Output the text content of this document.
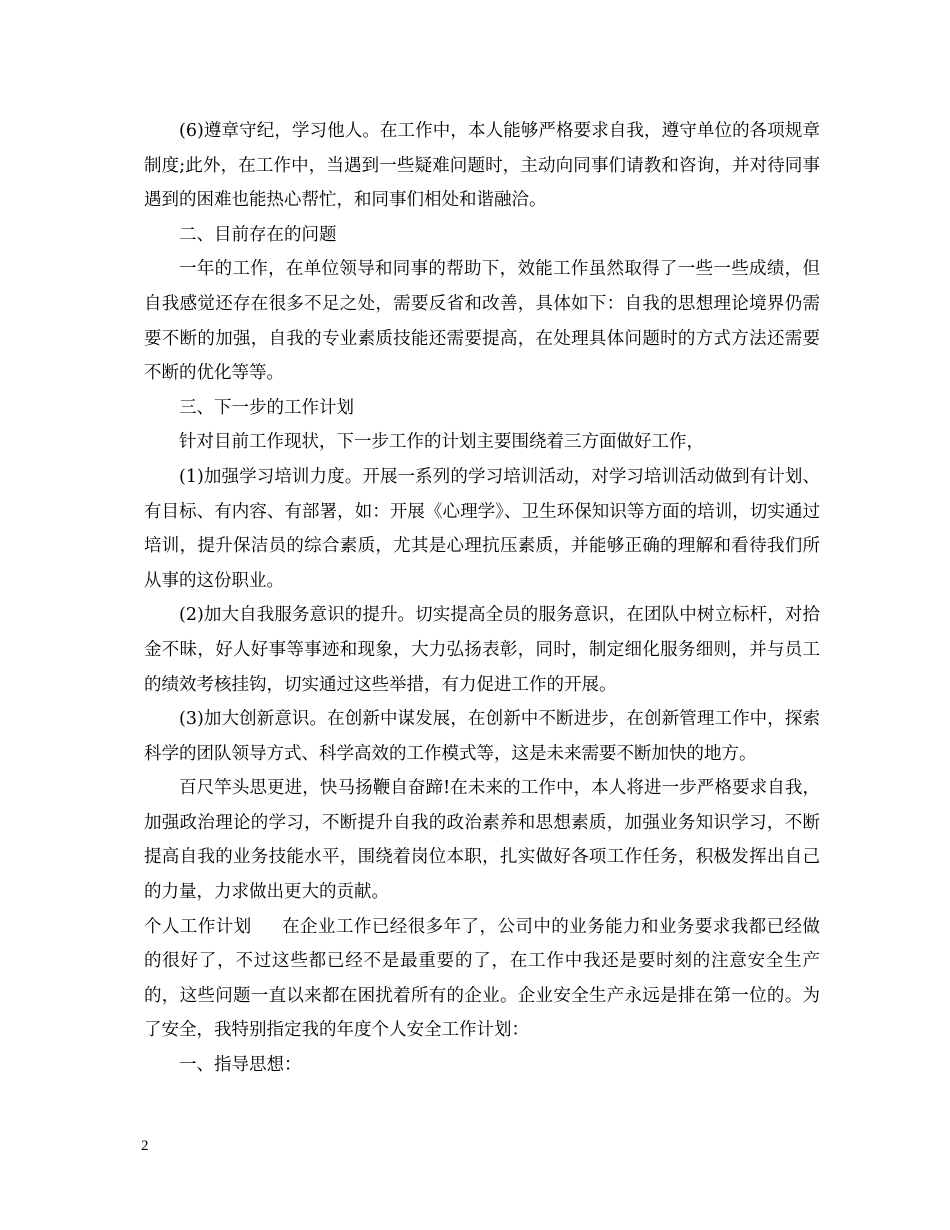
(6)遵章守纪，学习他人。在工作中，本人能够严格要求自我，遵守单位的各项规章制度;此外，在工作中，当遇到一些疑难问题时，主动向同事们请教和咨询，并对待同事遇到的困难也能热心帮忙，和同事们相处和谐融洽。

二、目前存在的问题

一年的工作，在单位领导和同事的帮助下，效能工作虽然取得了一些一些成绩，但自我感觉还存在很多不足之处，需要反省和改善，具体如下：自我的思想理论境界仍需要不断的加强，自我的专业素质技能还需要提高，在处理具体问题时的方式方法还需要不断的优化等等。

三、下一步的工作计划

针对目前工作现状，下一步工作的计划主要围绕着三方面做好工作，

(1)加强学习培训力度。开展一系列的学习培训活动，对学习培训活动做到有计划、有目标、有内容、有部署，如：开展《心理学》、卫生环保知识等方面的培训，切实通过培训，提升保洁员的综合素质，尤其是心理抗压素质，并能够正确的理解和看待我们所从事的这份职业。

(2)加大自我服务意识的提升。切实提高全员的服务意识，在团队中树立标杆，对拾金不昧，好人好事等事迹和现象，大力弘扬表彰，同时，制定细化服务细则，并与员工的绩效考核挂钩，切实通过这些举措，有力促进工作的开展。

(3)加大创新意识。在创新中谋发展，在创新中不断进步，在创新管理工作中，探索科学的团队领导方式、科学高效的工作模式等，这是未来需要不断加快的地方。

百尺竿头思更进，快马扬鞭自奋蹄!在未来的工作中，本人将进一步严格要求自我，加强政治理论的学习，不断提升自我的政治素养和思想素质，加强业务知识学习，不断提高自我的业务技能水平，围绕着岗位本职，扎实做好各项工作任务，积极发挥出自己的力量，力求做出更大的贡献。

个人工作计划 在企业工作已经很多年了，公司中的业务能力和业务要求我都已经做的很好了，不过这些都已经不是最重要的了，在工作中我还是要时刻的注意安全生产的，这些问题一直以来都在困扰着所有的企业。企业安全生产永远是排在第一位的。为了安全，我特别指定我的年度个人安全工作计划：

一、指导思想：

2
